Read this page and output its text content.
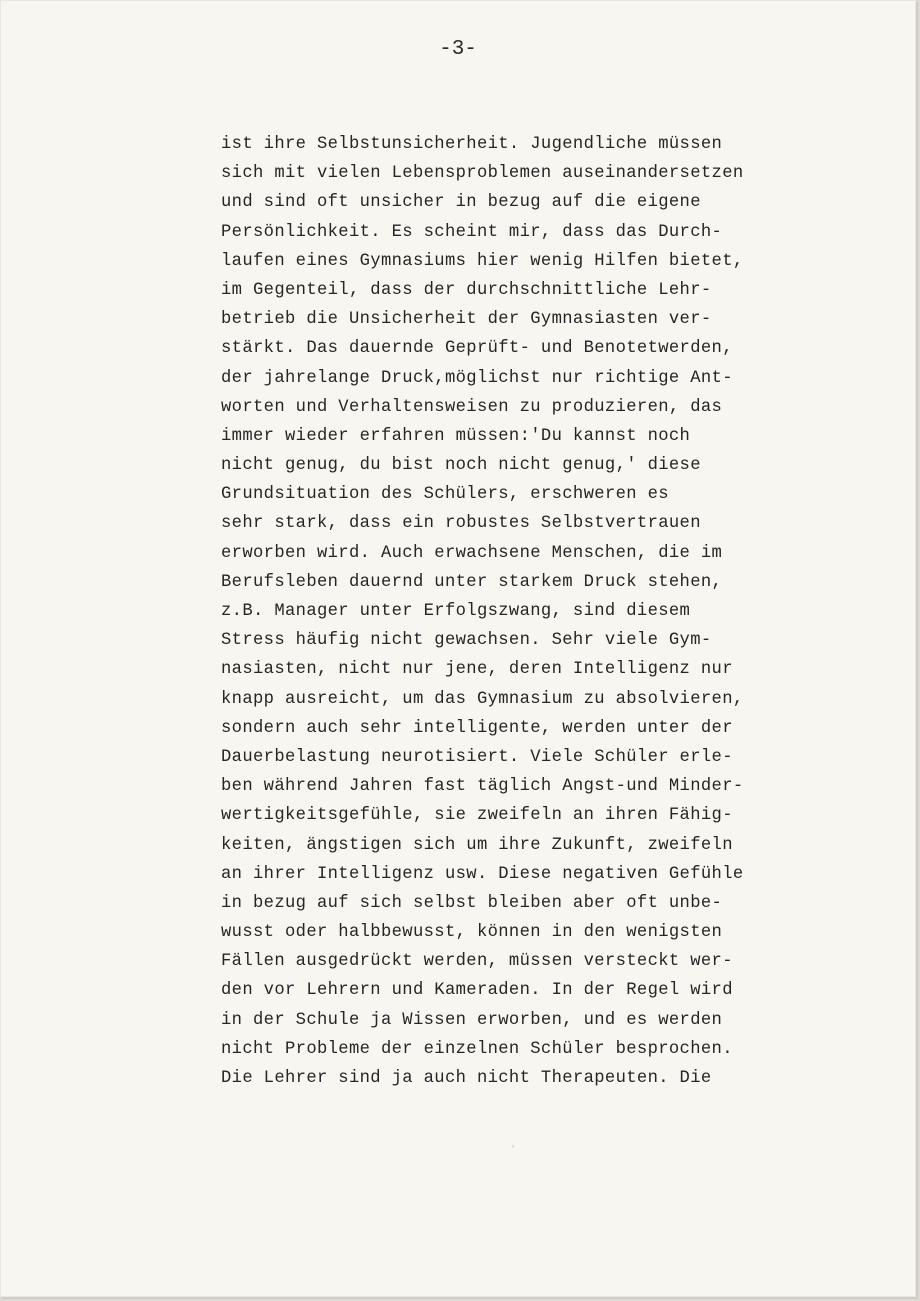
-3-
ist ihre Selbstunsicherheit. Jugendliche müssen
sich mit vielen Lebensproblemen auseinandersetzen
und sind oft unsicher in bezug auf die eigene
Persönlichkeit. Es scheint mir, dass das Durch-
laufen eines Gymnasiums hier wenig Hilfen bietet,
im Gegenteil, dass der durchschnittliche Lehr-
betrieb die Unsicherheit der Gymnasiasten ver-
stärkt. Das dauernde Geprüft- und Benotetwerden,
der jahrelange Druck,möglichst nur richtige Ant-
worten und Verhaltensweisen zu produzieren, das
immer wieder erfahren müssen:'Du kannst noch
nicht genug, du bist noch nicht genug,' diese
Grundsituation des Schülers, erschweren es
sehr stark, dass ein robustes Selbstvertrauen
erworben wird. Auch erwachsene Menschen, die im
Berufsleben dauernd unter starkem Druck stehen,
z.B. Manager unter Erfolgszwang, sind diesem
Stress häufig nicht gewachsen. Sehr viele Gym-
nasiasten, nicht nur jene, deren Intelligenz nur
knapp ausreicht, um das Gymnasium zu absolvieren,
sondern auch sehr intelligente, werden unter der
Dauerbelastung neurotisiert. Viele Schüler erle-
ben während Jahren fast täglich Angst-und Minder-
wertigkeitsgefühle, sie zweifeln an ihren Fähig-
keiten, ängstigen sich um ihre Zukunft, zweifeln
an ihrer Intelligenz usw. Diese negativen Gefühle
in bezug auf sich selbst bleiben aber oft unbe-
wusst oder halbbewusst, können in den wenigsten
Fällen ausgedrückt werden, müssen versteckt wer-
den vor Lehrern und Kameraden. In der Regel wird
in der Schule ja Wissen erworben, und es werden
nicht Probleme der einzelnen Schüler besprochen.
Die Lehrer sind ja auch nicht Therapeuten. Die
ˢ
